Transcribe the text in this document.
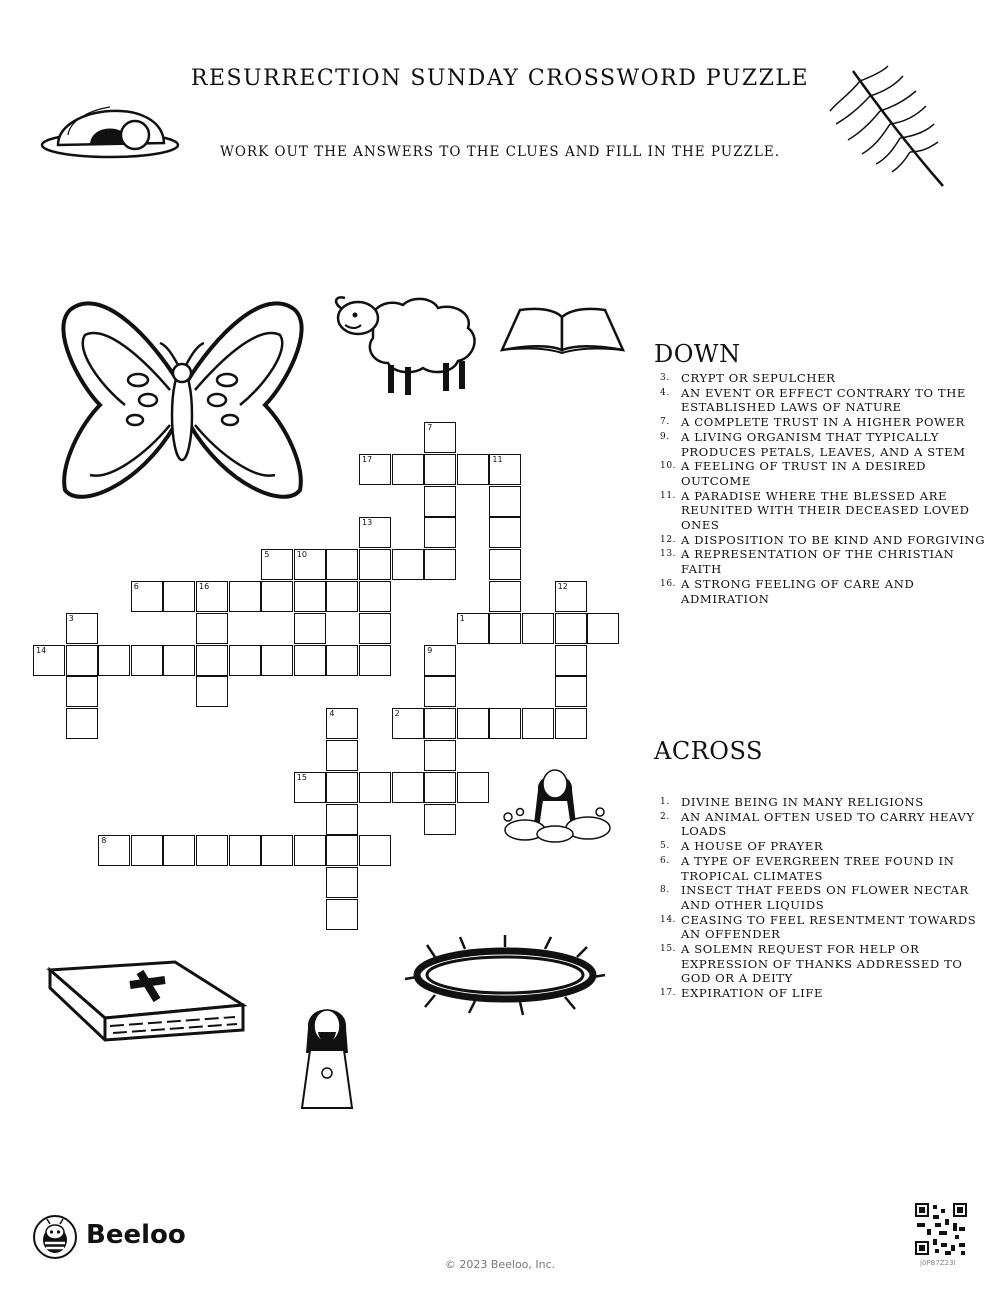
RESURRECTION SUNDAY CROSSWORD PUZZLE
WORK OUT THE ANSWERS TO THE CLUES AND FILL IN THE PUZZLE.
14
6	16
5	10
17	11
1
2
15
8
3
13
7
12
9
4
DOWN
3. CRYPT OR SEPULCHER
4. AN EVENT OR EFFECT CONTRARY TO THE ESTABLISHED LAWS OF NATURE
7. A COMPLETE TRUST IN A HIGHER POWER
9. A LIVING ORGANISM THAT TYPICALLY PRODUCES PETALS, LEAVES, AND A STEM
10. A FEELING OF TRUST IN A DESIRED OUTCOME
11. A PARADISE WHERE THE BLESSED ARE REUNITED WITH THEIR DECEASED LOVED ONES
12. A DISPOSITION TO BE KIND AND FORGIVING
13. A REPRESENTATION OF THE CHRISTIAN FAITH
16. A STRONG FEELING OF CARE AND ADMIRATION
ACROSS
1. DIVINE BEING IN MANY RELIGIONS
2. AN ANIMAL OFTEN USED TO CARRY HEAVY LOADS
5. A HOUSE OF PRAYER
6. A TYPE OF EVERGREEN TREE FOUND IN TROPICAL CLIMATES
8. INSECT THAT FEEDS ON FLOWER NECTAR AND OTHER LIQUIDS
14. CEASING TO FEEL RESENTMENT TOWARDS AN OFFENDER
15. A SOLEMN REQUEST FOR HELP OR EXPRESSION OF THANKS ADDRESSED TO GOD OR A DEITY
17. EXPIRATION OF LIFE
Beeloo
© 2023 Beeloo, Inc.	j0PB7Z23I
